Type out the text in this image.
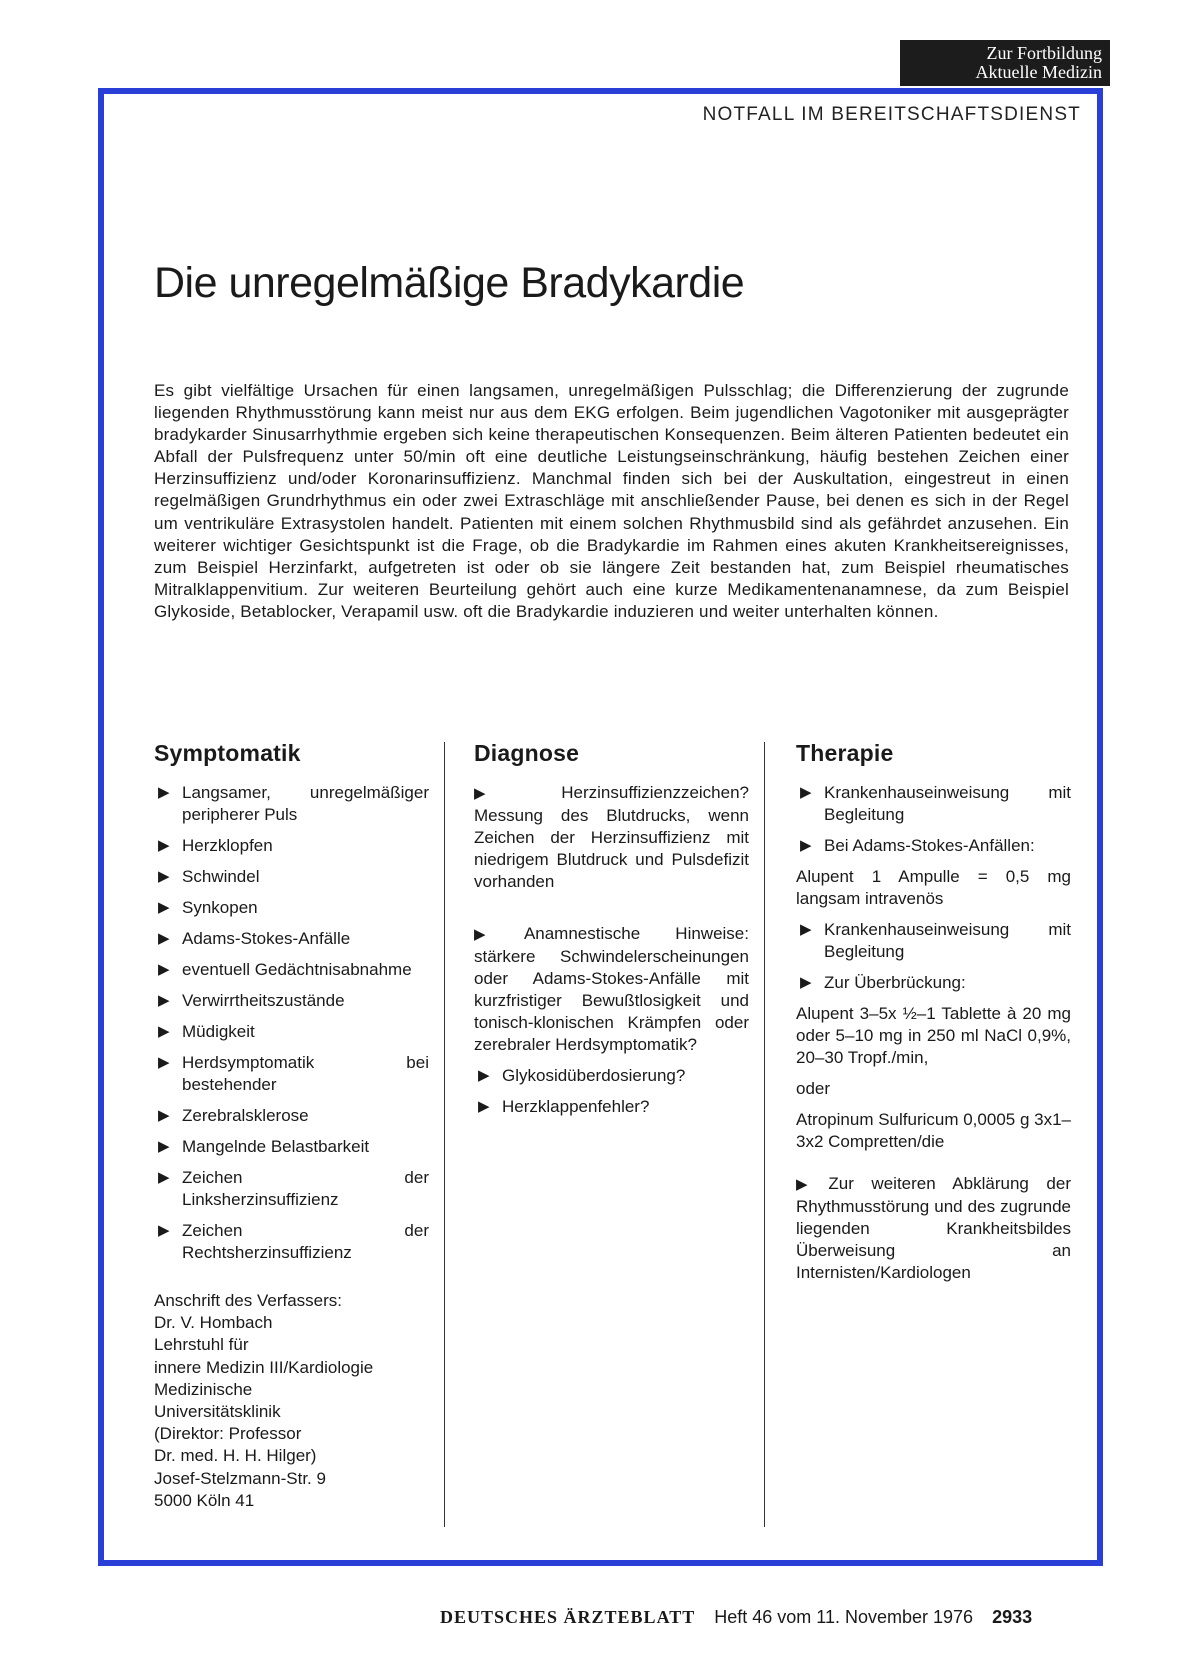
Zur Fortbildung
Aktuelle Medizin
NOTFALL IM BEREITSCHAFTSDIENST
Die unregelmäßige Bradykardie

Es gibt vielfältige Ursachen für einen langsamen, unregelmäßigen Pulsschlag; die Differenzierung der zugrunde liegenden Rhythmusstörung kann meist nur aus dem EKG erfolgen. Beim jugendlichen Vagotoniker mit ausgeprägter bradykarder Sinusarrhythmie ergeben sich keine therapeutischen Konsequenzen. Beim älteren Patienten bedeutet ein Abfall der Pulsfrequenz unter 50/min oft eine deutliche Leistungseinschränkung, häufig bestehen Zeichen einer Herzinsuffizienz und/oder Koronarinsuffizienz. Manchmal finden sich bei der Auskultation, eingestreut in einen regelmäßigen Grundrhythmus ein oder zwei Extraschläge mit anschließender Pause, bei denen es sich in der Regel um ventrikuläre Extrasystolen handelt. Patienten mit einem solchen Rhythmusbild sind als gefährdet anzusehen. Ein weiterer wichtiger Gesichtspunkt ist die Frage, ob die Bradykardie im Rahmen eines akuten Krankheitsereignisses, zum Beispiel Herzinfarkt, aufgetreten ist oder ob sie längere Zeit bestanden hat, zum Beispiel rheumatisches Mitralklappenvitium. Zur weiteren Beurteilung gehört auch eine kurze Medikamentenanamnese, da zum Beispiel Glykoside, Betablocker, Verapamil usw. oft die Bradykardie induzieren und weiter unterhalten können.

Symptomatik
▶ Langsamer, unregelmäßiger peripherer Puls
▶ Herzklopfen
▶ Schwindel
▶ Synkopen
▶ Adams-Stokes-Anfälle
▶ eventuell Gedächtnisabnahme
▶ Verwirrtheitszustände
▶ Müdigkeit
▶ Herdsymptomatik bei bestehender
▶ Zerebralsklerose
▶ Mangelnde Belastbarkeit
▶ Zeichen der Linksherzinsuffizienz
▶ Zeichen der Rechtsherzinsuffizienz
Anschrift des Verfassers:
Dr. V. Hombach
Lehrstuhl für
innere Medizin III/Kardiologie
Medizinische
Universitätsklinik
(Direktor: Professor
Dr. med. H. H. Hilger)
Josef-Stelzmann-Str. 9
5000 Köln 41
Diagnose

▶ Herzinsuffizienzzeichen? Messung des Blutdrucks, wenn Zeichen der Herzinsuffizienz mit niedrigem Blutdruck und Pulsdefizit vorhanden

▶ Anamnestische Hinweise: stärkere Schwindelerscheinungen oder Adams-Stokes-Anfälle mit kurzfristiger Bewußtlosigkeit und tonisch-klonischen Krämpfen oder zerebraler Herdsymptomatik?

▶ Glykosidüberdosierung?
▶ Herzklappenfehler?
Therapie
▶ Krankenhauseinweisung mit Begleitung
▶ Bei Adams-Stokes-Anfällen:

Alupent 1 Ampulle = 0,5 mg langsam intravenös

▶ Krankenhauseinweisung mit Begleitung
▶ Zur Überbrückung:

Alupent 3–5x ½–1 Tablette à 20 mg oder 5–10 mg in 250 ml NaCl 0,9%, 20–30 Tropf./min,

oder

Atropinum Sulfuricum 0,0005 g 3x1–3x2 Compretten/die

▶ Zur weiteren Abklärung der Rhythmusstörung und des zugrunde liegenden Krankheitsbildes Überweisung an Internisten/Kardiologen

DEUTSCHES ÄRZTEBLATT Heft 46 vom 11. November 1976 2933
